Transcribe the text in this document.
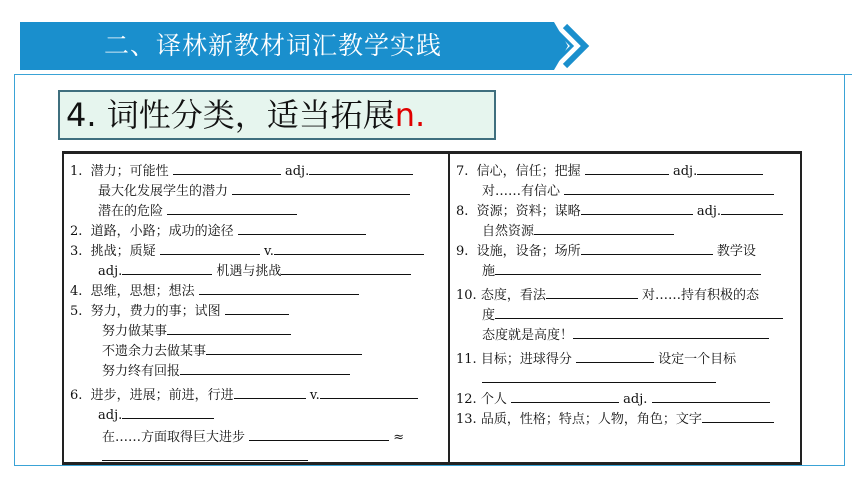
二、译林新教材词汇教学实践
4. 词性分类，适当拓展n.
1. 潜力；可能性	adj.
最大化发展学生的潜力
潜在的危险
2. 道路，小路；成功的途径
3. 挑战；质疑	v.
adj.	机遇与挑战
4. 思维，思想；想法
5. 努力，费力的事；试图
努力做某事
不遗余力去做某事
努力终有回报
6. 进步，进展；前进，行进	v.
adj.
在……方面取得巨大进步	≈
7. 信心，信任；把握	adj.
对……有信心
8. 资源；资料；谋略	adj.
自然资源
9. 设施，设备；场所	教学设
施
10. 态度，看法	对……持有积极的态
度
态度就是高度！
11. 目标；进球得分	设定一个目标
12. 个人	adj.
13. 品质，性格；特点；人物，角色；文字
